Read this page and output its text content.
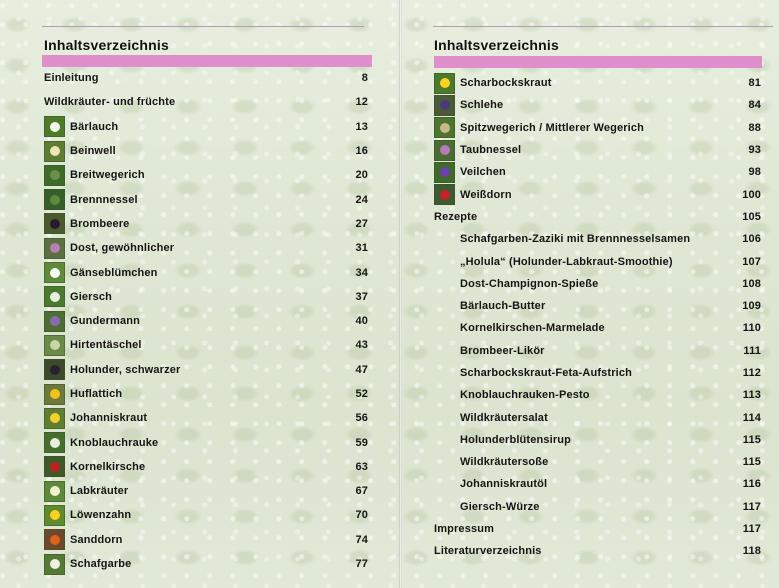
Inhaltsverzeichnis
Einleitung	8
Wildkräuter- und früchte	12
Bärlauch	13
Beinwell	16
Breitwegerich	20
Brennnessel	24
Brombeere	27
Dost, gewöhnlicher	31
Gänseblümchen	34
Giersch	37
Gundermann	40
Hirtentäschel	43
Holunder, schwarzer	47
Huflattich	52
Johanniskraut	56
Knoblauchrauke	59
Kornelkirsche	63
Labkräuter	67
Löwenzahn	70
Sanddorn	74
Schafgarbe	77
Inhaltsverzeichnis
Scharbockskraut	81
Schlehe	84
Spitzwegerich / Mittlerer Wegerich	88
Taubnessel	93
Veilchen	98
Weißdorn	100
Rezepte	105
Schafgarben-Zaziki mit Brennnesselsamen	106
„Holula“ (Holunder-Labkraut-Smoothie)	107
Dost-Champignon-Spieße	108
Bärlauch-Butter	109
Kornelkirschen-Marmelade	110
Brombeer-Likör	111
Scharbockskraut-Feta-Aufstrich	112
Knoblauchrauken-Pesto	113
Wildkräutersalat	114
Holunderblütensirup	115
Wildkräutersoße	115
Johanniskrautöl	116
Giersch-Würze	117
Impressum	117
Literaturverzeichnis	118
